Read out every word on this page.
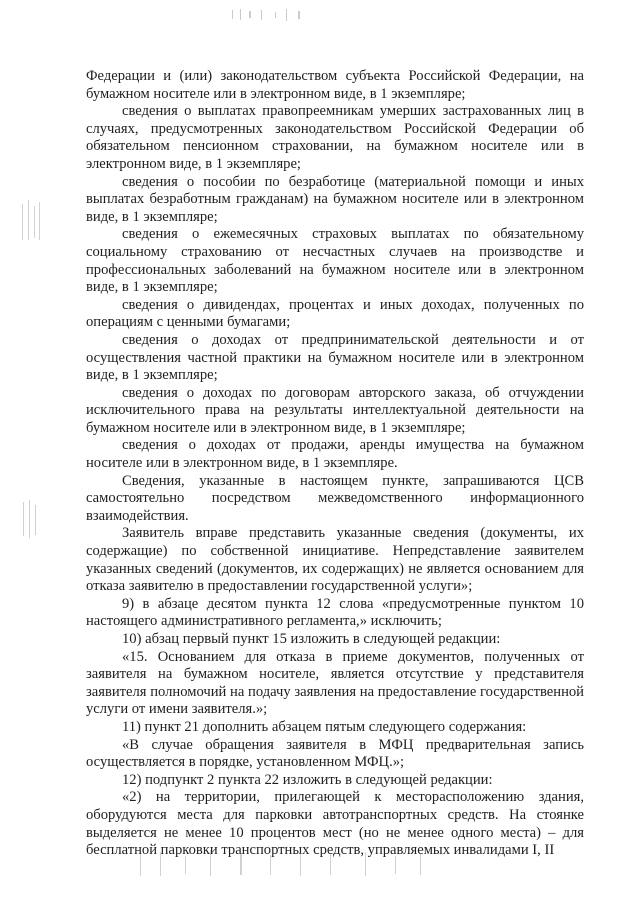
Федерации и (или) законодательством субъекта Российской Федерации, на бумажном носителе или в электронном виде, в 1 экземпляре;

сведения о выплатах правопреемникам умерших застрахованных лиц в случаях, предусмотренных законодательством Российской Федерации об обязательном пенсионном страховании, на бумажном носителе или в электронном виде, в 1 экземпляре;

сведения о пособии по безработице (материальной помощи и иных выплатах безработным гражданам) на бумажном носителе или в электронном виде, в 1 экземпляре;

сведения о ежемесячных страховых выплатах по обязательному социальному страхованию от несчастных случаев на производстве и профессиональных заболеваний на бумажном носителе или в электронном виде, в 1 экземпляре;

сведения о дивидендах, процентах и иных доходах, полученных по операциям с ценными бумагами;

сведения о доходах от предпринимательской деятельности и от осуществления частной практики на бумажном носителе или в электронном виде, в 1 экземпляре;

сведения о доходах по договорам авторского заказа, об отчуждении исключительного права на результаты интеллектуальной деятельности на бумажном носителе или в электронном виде, в 1 экземпляре;

сведения о доходах от продажи, аренды имущества на бумажном носителе или в электронном виде, в 1 экземпляре.

Сведения, указанные в настоящем пункте, запрашиваются ЦСВ самостоятельно посредством межведомственного информационного взаимодействия.

Заявитель вправе представить указанные сведения (документы, их содержащие) по собственной инициативе. Непредставление заявителем указанных сведений (документов, их содержащих) не является основанием для отказа заявителю в предоставлении государственной услуги»;

9) в абзаце десятом пункта 12 слова «предусмотренные пунктом 10 настоящего административного регламента,» исключить;

10) абзац первый пункт 15 изложить в следующей редакции:

«15. Основанием для отказа в приеме документов, полученных от заявителя на бумажном носителе, является отсутствие у представителя заявителя полномочий на подачу заявления на предоставление государственной услуги от имени заявителя.»;

11) пункт 21 дополнить абзацем пятым следующего содержания:

«В случае обращения заявителя в МФЦ предварительная запись осуществляется в порядке, установленном МФЦ.»;

12) подпункт 2 пункта 22 изложить в следующей редакции:

«2) на территории, прилегающей к месторасположению здания, оборудуются места для парковки автотранспортных средств. На стоянке выделяется не менее 10 процентов мест (но не менее одного места) – для бесплатной парковки транспортных средств, управляемых инвалидами I, II
